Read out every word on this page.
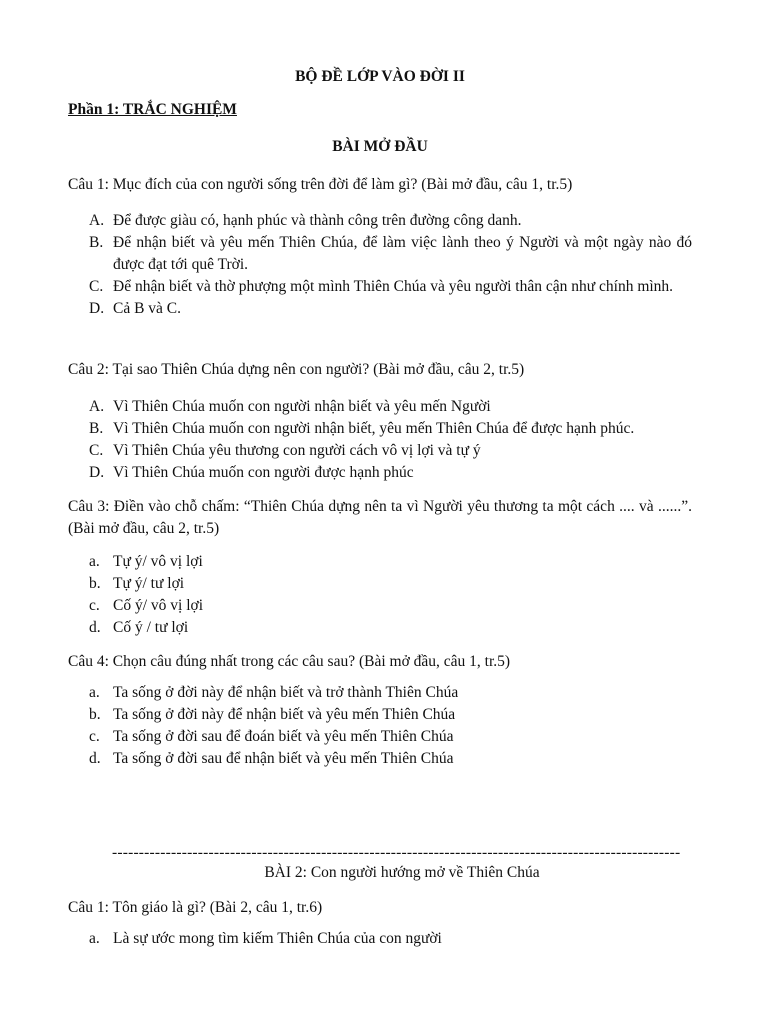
BỘ ĐỀ LỚP VÀO ĐỜI II

Phần 1: TRẮC NGHIỆM

BÀI MỞ ĐẦU

Câu 1: Mục đích của con người sống trên đời để làm gì? (Bài mở đầu, câu 1, tr.5)

A. Để được giàu có, hạnh phúc và thành công trên đường công danh.
B. Để nhận biết và yêu mến Thiên Chúa, để làm việc lành theo ý Người và một ngày nào đó được đạt tới quê Trời.
C. Để nhận biết và thờ phượng một mình Thiên Chúa và yêu người thân cận như chính mình.
D. Cả B và C.

Câu 2: Tại sao Thiên Chúa dựng nên con người? (Bài mở đầu, câu 2, tr.5)

A. Vì Thiên Chúa muốn con người nhận biết và yêu mến Người
B. Vì Thiên Chúa muốn con người nhận biết, yêu mến Thiên Chúa để được hạnh phúc.
C. Vì Thiên Chúa yêu thương con người cách vô vị lợi và tự ý
D. Vì Thiên Chúa muốn con người được hạnh phúc

Câu 3: Điền vào chỗ chấm: “Thiên Chúa dựng nên ta vì Người yêu thương ta một cách .... và ......”. (Bài mở đầu, câu 2, tr.5)

a. Tự ý/ vô vị lợi
b. Tự ý/ tư lợi
c. Cố ý/ vô vị lợi
d. Cố ý / tư lợi

Câu 4: Chọn câu đúng nhất trong các câu sau? (Bài mở đầu, câu 1, tr.5)

a. Ta sống ở đời này để nhận biết và trở thành Thiên Chúa
b. Ta sống ở đời này để nhận biết và yêu mến Thiên Chúa
c. Ta sống ở đời sau để đoán biết và yêu mến Thiên Chúa
d. Ta sống ở đời sau để nhận biết và yêu mến Thiên Chúa
----------------------------------------------------------------------------------------------------------

BÀI 2: Con người hướng mở về Thiên Chúa

Câu 1: Tôn giáo là gì? (Bài 2, câu 1, tr.6)

a. Là sự ước mong tìm kiếm Thiên Chúa của con người
